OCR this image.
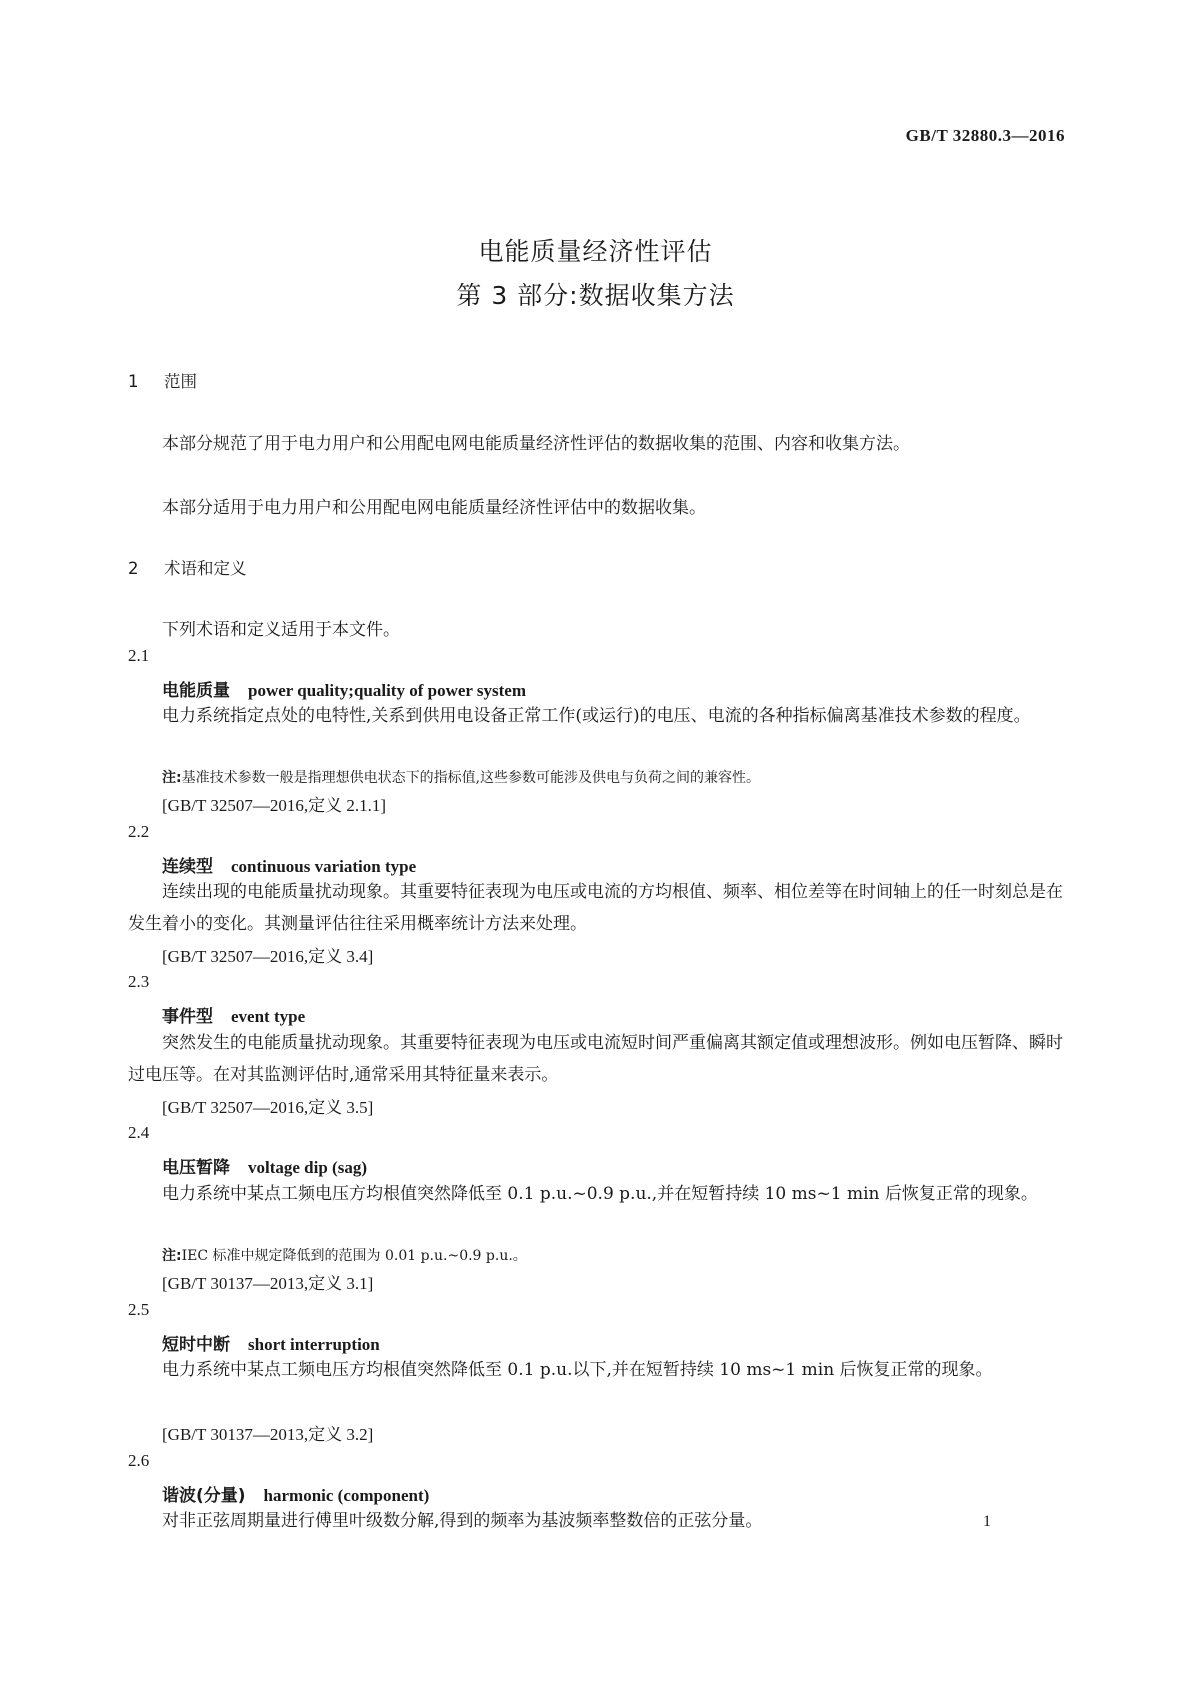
GB/T 32880.3—2016
电能质量经济性评估
第 3 部分:数据收集方法
1 范围
本部分规范了用于电力用户和公用配电网电能质量经济性评估的数据收集的范围、内容和收集方法。
本部分适用于电力用户和公用配电网电能质量经济性评估中的数据收集。
2 术语和定义
下列术语和定义适用于本文件。
2.1
电能质量 power quality;quality of power system
电力系统指定点处的电特性,关系到供用电设备正常工作(或运行)的电压、电流的各种指标偏离基准技术参数的程度。
注:基准技术参数一般是指理想供电状态下的指标值,这些参数可能涉及供电与负荷之间的兼容性。
[GB/T 32507—2016,定义 2.1.1]
2.2
连续型 continuous variation type
连续出现的电能质量扰动现象。其重要特征表现为电压或电流的方均根值、频率、相位差等在时间轴上的任一时刻总是在发生着小的变化。其测量评估往往采用概率统计方法来处理。
[GB/T 32507—2016,定义 3.4]
2.3
事件型 event type
突然发生的电能质量扰动现象。其重要特征表现为电压或电流短时间严重偏离其额定值或理想波形。例如电压暂降、瞬时过电压等。在对其监测评估时,通常采用其特征量来表示。
[GB/T 32507—2016,定义 3.5]
2.4
电压暂降 voltage dip (sag)
电力系统中某点工频电压方均根值突然降低至 0.1 p.u.~0.9 p.u.,并在短暂持续 10 ms~1 min 后恢复正常的现象。
注:IEC 标准中规定降低到的范围为 0.01 p.u.~0.9 p.u.。
[GB/T 30137—2013,定义 3.1]
2.5
短时中断 short interruption
电力系统中某点工频电压方均根值突然降低至 0.1 p.u.以下,并在短暂持续 10 ms~1 min 后恢复正常的现象。
[GB/T 30137—2013,定义 3.2]
2.6
谐波(分量) harmonic (component)
对非正弦周期量进行傅里叶级数分解,得到的频率为基波频率整数倍的正弦分量。	1
